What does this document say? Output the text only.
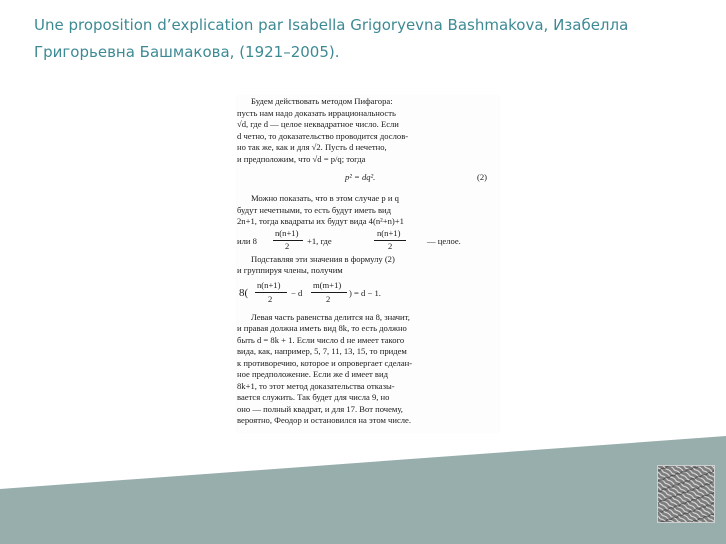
Une proposition d’explication par Isabella Grigoryevna Bashmakova, Изабелла
Григорьевна Башмакова, (1921–2005).

Будем действовать методом Пифагора:

пусть нам надо доказать иррациональность

√d, где d — целое неквадратное число. Если

d четно, то доказательство проводится дослов-

но так же, как и для √2. Пусть d нечетно,

и предположим, что √d = p/q; тогда

p² = dq².	(2)

Можно показать, что в этом случае p и q

будут нечетными, то есть будут иметь вид

2n+1, тогда квадраты их будут вида 4(n²+n)+1

или 8
n(n+1)
2 +1, где
n(n+1)
2	— целое.

Подставляя эти значения в формулу (2)

и группируя члены, получим

8(
n(n+1)
2
− d
m(m+1)
2
) = d − 1.

Левая часть равенства делится на 8, значит,

и правая должна иметь вид 8k, то есть должно

быть d = 8k + 1. Если число d не имеет такого

вида, как, например, 5, 7, 11, 13, 15, то придем

к противоречию, которое и опровергает сделан-

ное предположение. Если же d имеет вид

8k+1, то этот метод доказательства отказы-

вается служить. Так будет для числа 9, но

оно — полный квадрат, и для 17. Вот почему,

вероятно, Феодор и остановился на этом числе.
